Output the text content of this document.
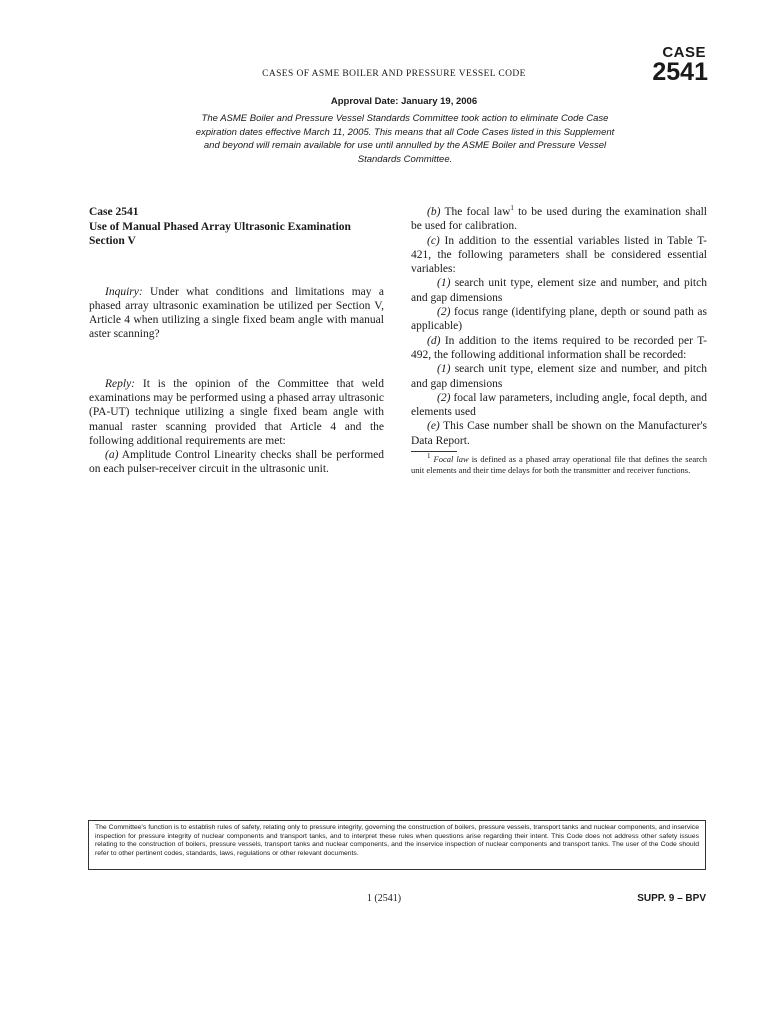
CASE
2541
CASES OF ASME BOILER AND PRESSURE VESSEL CODE
Approval Date: January 19, 2006
The ASME Boiler and Pressure Vessel Standards Committee took action to eliminate Code Case expiration dates effective March 11, 2005. This means that all Code Cases listed in this Supplement and beyond will remain available for use until annulled by the ASME Boiler and Pressure Vessel Standards Committee.

Case 2541

Use of Manual Phased Array Ultrasonic Examination

Section V

Inquiry: Under what conditions and limitations may a phased array ultrasonic examination be utilized per Section V, Article 4 when utilizing a single fixed beam angle with manual aster scanning?

Reply: It is the opinion of the Committee that weld examinations may be performed using a phased array ultrasonic (PA-UT) technique utilizing a single fixed beam angle with manual raster scanning provided that Article 4 and the following additional requirements are met:

(a) Amplitude Control Linearity checks shall be performed on each pulser-receiver circuit in the ultrasonic unit.

(b) The focal law$^1$ to be used during the examination shall be used for calibration.

(c) In addition to the essential variables listed in Table T-421, the following parameters shall be considered essential variables:

(1) search unit type, element size and number, and pitch and gap dimensions

(2) focus range (identifying plane, depth or sound path as applicable)

(d) In addition to the items required to be recorded per T-492, the following additional information shall be recorded:

(1) search unit type, element size and number, and pitch and gap dimensions

(2) focal law parameters, including angle, focal depth, and elements used

(e) This Case number shall be shown on the Manufacturer's Data Report.

$^1$ Focal law is defined as a phased array operational file that defines the search unit elements and their time delays for both the transmitter and receiver functions.

The Committee's function is to establish rules of safety, relating only to pressure integrity, governing the construction of boilers, pressure vessels, transport tanks and nuclear components, and inservice inspection for pressure integrity of nuclear components and transport tanks, and to interpret these rules when questions arise regarding their intent. This Code does not address other safety issues relating to the construction of boilers, pressure vessels, transport tanks and nuclear components, and the inservice inspection of nuclear components and transport tanks. The user of the Code should refer to other pertinent codes, standards, laws, regulations or other relevant documents.
1 (2541)	SUPP. 9 – BPV
